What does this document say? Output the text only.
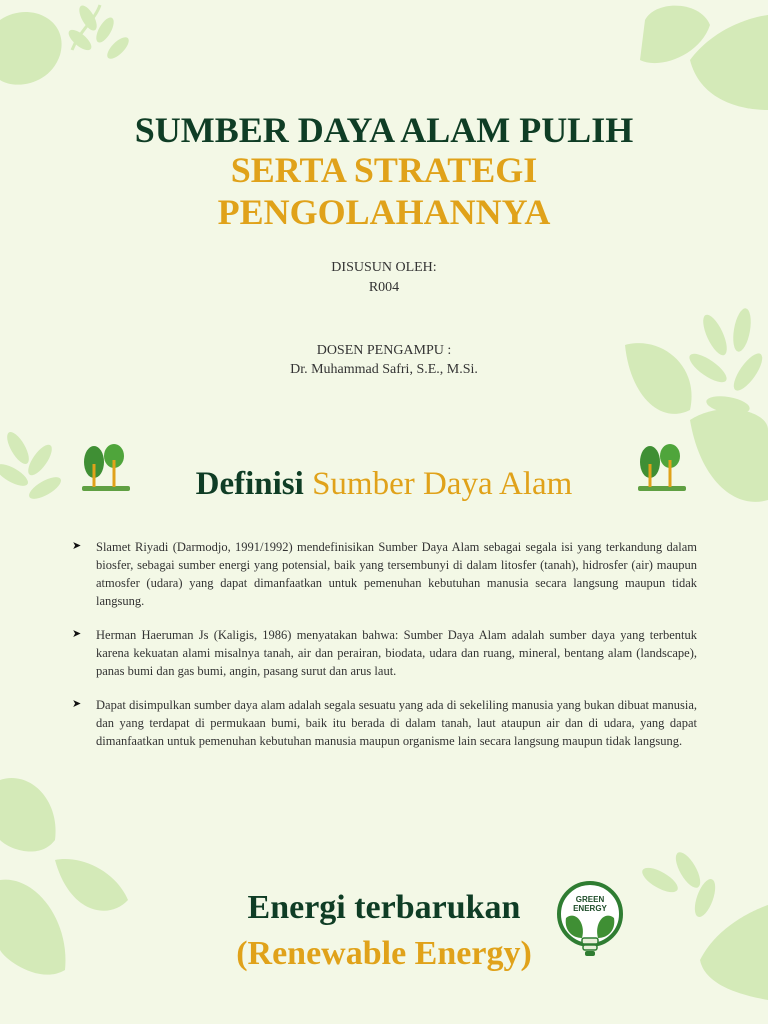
SUMBER DAYA ALAM PULIH
SERTA STRATEGI
PENGOLAHANNYA
DISUSUN OLEH:
R004
DOSEN PENGAMPU :
Dr. Muhammad Safri, S.E., M.Si.
Definisi Sumber Daya Alam
➤ Slamet Riyadi (Darmodjo, 1991/1992) mendefinisikan Sumber Daya Alam sebagai segala isi yang terkandung dalam biosfer, sebagai sumber energi yang potensial, baik yang tersembunyi di dalam litosfer (tanah), hidrosfer (air) maupun atmosfer (udara) yang dapat dimanfaatkan untuk pemenuhan kebutuhan manusia secara langsung maupun tidak langsung.
➤ Herman Haeruman Js (Kaligis, 1986) menyatakan bahwa: Sumber Daya Alam adalah sumber daya yang terbentuk karena kekuatan alami misalnya tanah, air dan perairan, biodata, udara dan ruang, mineral, bentang alam (landscape), panas bumi dan gas bumi, angin, pasang surut dan arus laut.
➤ Dapat disimpulkan sumber daya alam adalah segala sesuatu yang ada di sekeliling manusia yang bukan dibuat manusia, dan yang terdapat di permukaan bumi, baik itu berada di dalam tanah, laut ataupun air dan di udara, yang dapat dimanfaatkan untuk pemenuhan kebutuhan manusia maupun organisme lain secara langsung maupun tidak langsung.
Energi terbarukan
(Renewable Energy)
GREEN
ENERGY
